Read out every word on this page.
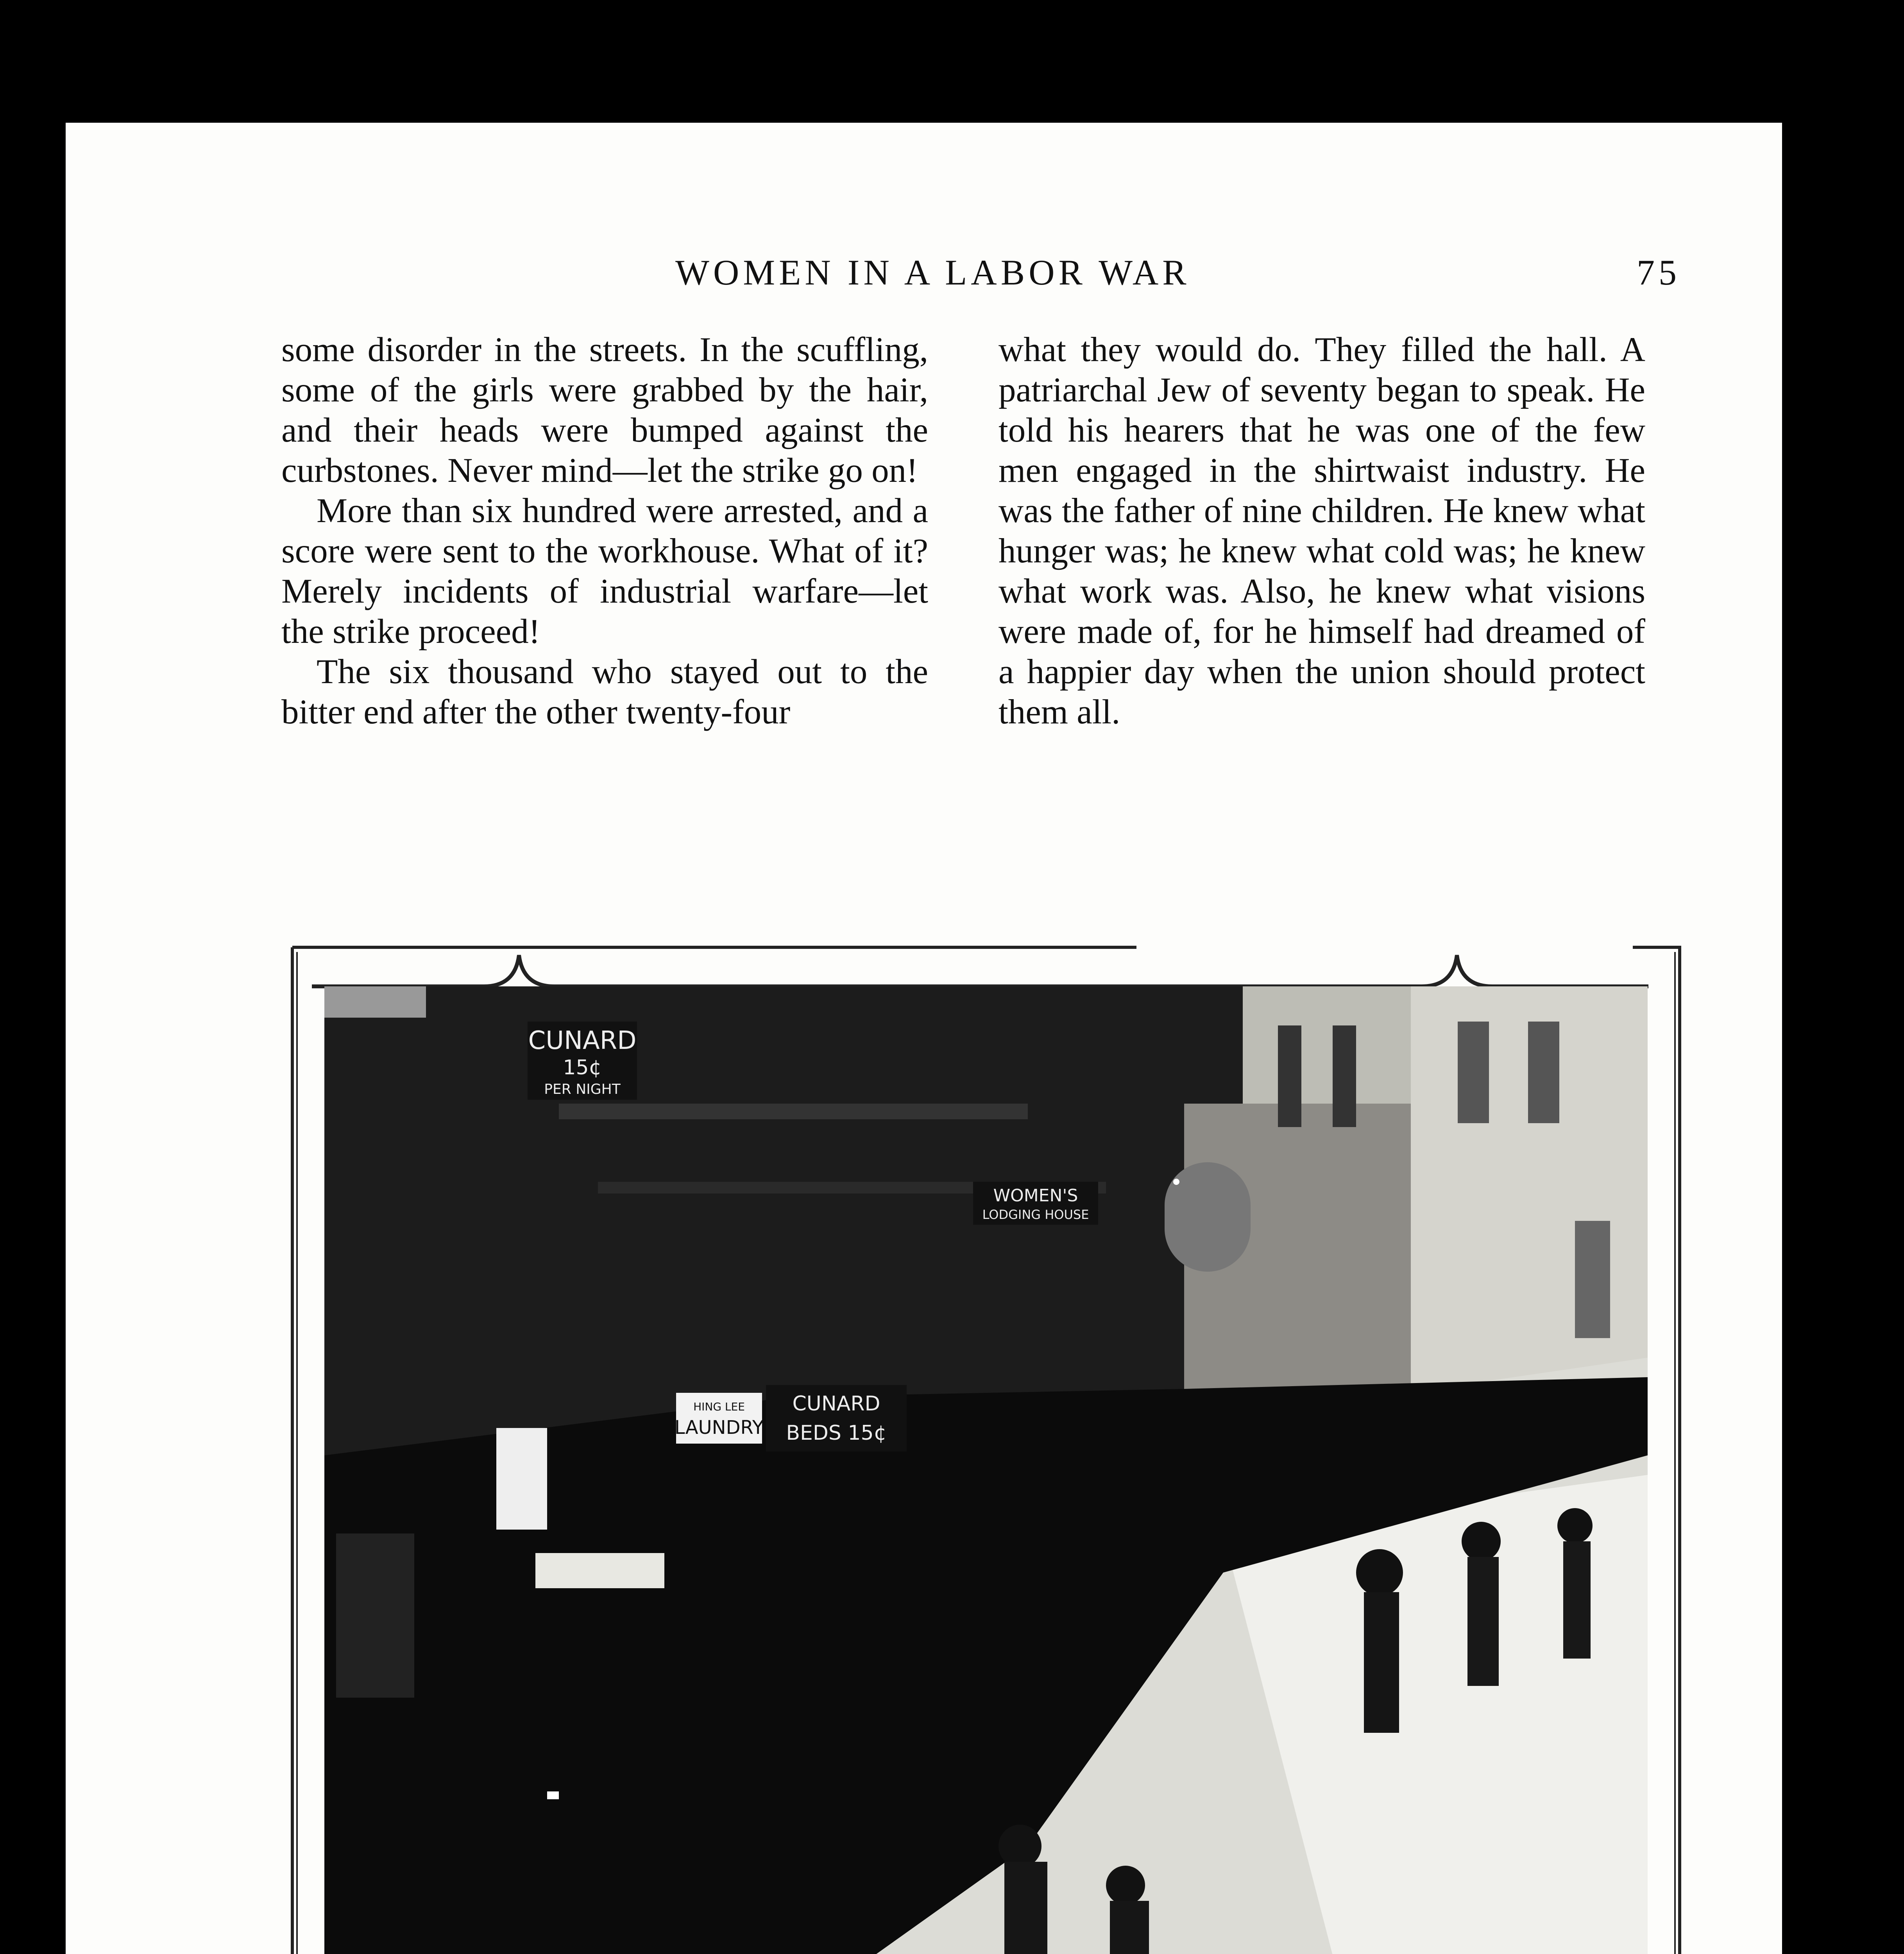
WOMEN IN A LABOR WAR	75

some disorder in the streets. In the scuffling, some of the girls were grabbed by the hair, and their heads were bumped against the curbstones. Never mind—let the strike go on!

More than six hundred were arrested, and a score were sent to the workhouse. What of it? Merely incidents of industrial warfare—let the strike proceed!

The six thousand who stayed out to the bitter end after the other twenty-four

what they would do. They filled the hall. A patriarchal Jew of seventy began to speak. He told his hearers that he was one of the few men engaged in the shirtwaist industry. He was the father of nine children. He knew what hunger was; he knew what cold was; he knew what work was. Also, he knew what visions were made of, for he himself had dreamed of a happier day when the union should protect them all.

CUNARD
15¢
PER NIGHT
WOMEN'S
LODGING HOUSE
HING LEE
LAUNDRY
CUNARD
BEDS 15¢
